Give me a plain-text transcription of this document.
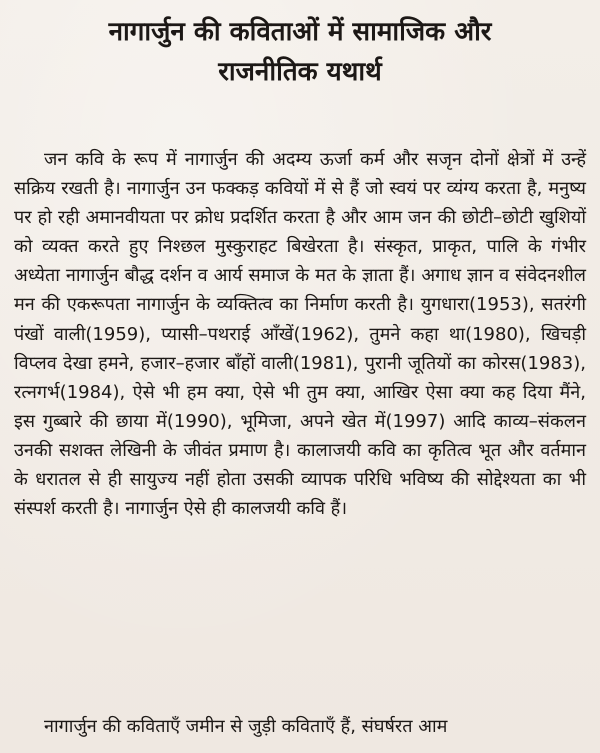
नागार्जुन की कविताओं में सामाजिक और
राजनीतिक यथार्थ

जन कवि के रूप में नागार्जुन की अदम्य ऊर्जा कर्म और सजृन दोनों क्षेत्रों में उन्हें सक्रिय रखती है। नागार्जुन उन फक्कड़ कवियों में से हैं जो स्वयं पर व्यंग्य करता है, मनुष्य पर हो रही अमानवीयता पर क्रोध प्रदर्शित करता है और आम जन की छोटी–छोटी खुशियों को व्यक्त करते हुए निश्छल मुस्कुराहट बिखेरता है। संस्कृत, प्राकृत, पालि के गंभीर अध्येता नागार्जुन बौद्ध दर्शन व आर्य समाज के मत के ज्ञाता हैं। अगाध ज्ञान व संवेदनशील मन की एकरूपता नागार्जुन के व्यक्तित्व का निर्माण करती है। युगधारा(1953), सतरंगी पंखों वाली(1959), प्यासी–पथराई आँखें(1962), तुमने कहा था(1980), खिचड़ी विप्लव देखा हमने, हजार–हजार बाँहों वाली(1981), पुरानी जूतियों का कोरस(1983), रत्नगर्भ(1984), ऐसे भी हम क्या, ऐसे भी तुम क्या, आखिर ऐसा क्या कह दिया मैंने, इस गुब्बारे की छाया में(1990), भूमिजा, अपने खेत में(1997) आदि काव्य–संकलन उनकी सशक्त लेखिनी के जीवंत प्रमाण है। कालाजयी कवि का कृतित्व भूत और वर्तमान के धरातल से ही सायुज्य नहीं होता उसकी व्यापक परिधि भविष्य की सोद्देश्यता का भी संस्पर्श करती है। नागार्जुन ऐसे ही कालजयी कवि हैं।

नागार्जुन की कविताएँ जमीन से जुड़ी कविताएँ हैं, संघर्षरत आम
